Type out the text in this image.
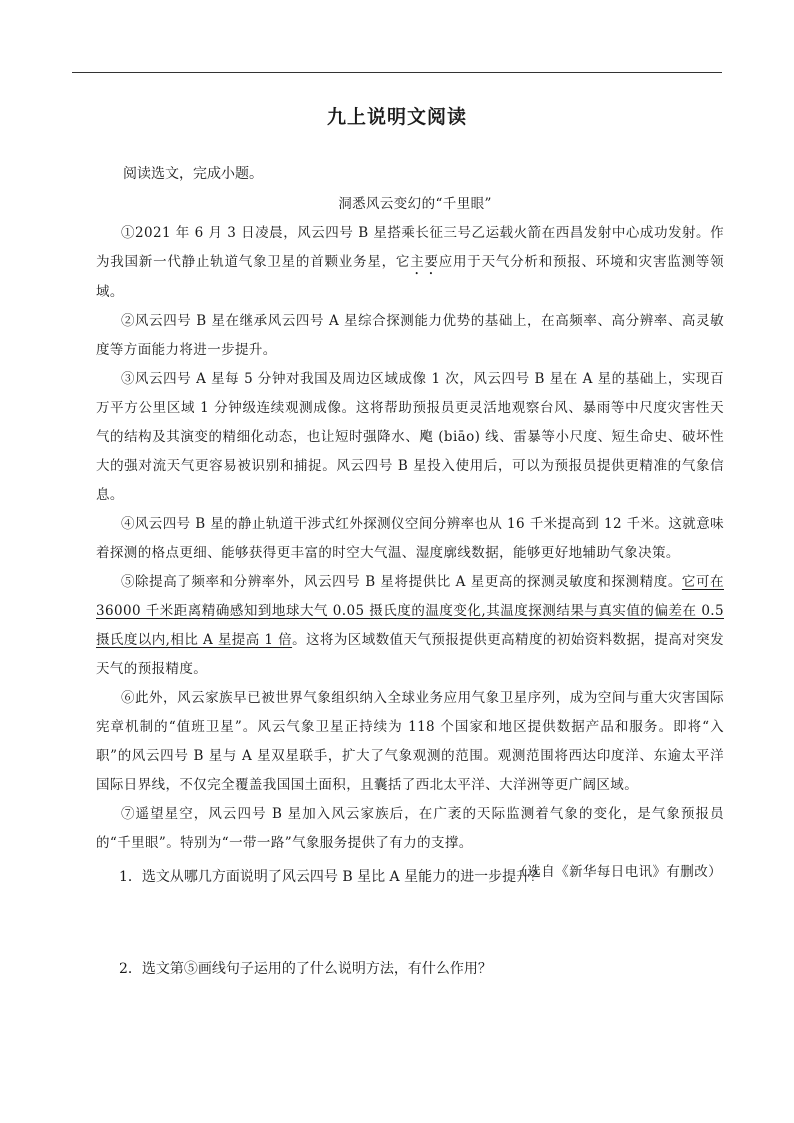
九上说明文阅读
阅读选文，完成小题。
洞悉风云变幻的“千里眼”

①2021 年 6 月 3 日凌晨，风云四号 B 星搭乘长征三号乙运载火箭在西昌发射中心成功发射。作为我国新一代静止轨道气象卫星的首颗业务星，它主要应用于天气分析和预报、环境和灾害监测等领域。

②风云四号 B 星在继承风云四号 A 星综合探测能力优势的基础上，在高频率、高分辨率、高灵敏度等方面能力将进一步提升。

③风云四号 A 星每 5 分钟对我国及周边区域成像 1 次，风云四号 B 星在 A 星的基础上，实现百万平方公里区域 1 分钟级连续观测成像。这将帮助预报员更灵活地观察台风、暴雨等中尺度灾害性天气的结构及其演变的精细化动态，也让短时强降水、飑 (biāo) 线、雷暴等小尺度、短生命史、破坏性大的强对流天气更容易被识别和捕捉。风云四号 B 星投入使用后，可以为预报员提供更精准的气象信息。

④风云四号 B 星的静止轨道干涉式红外探测仪空间分辨率也从 16 千米提高到 12 千米。这就意味着探测的格点更细、能够获得更丰富的时空大气温、湿度廓线数据，能够更好地辅助气象决策。

⑤除提高了频率和分辨率外，风云四号 B 星将提供比 A 星更高的探测灵敏度和探测精度。它可在 36000 千米距离精确感知到地球大气 0.05 摄氏度的温度变化,其温度探测结果与真实值的偏差在 0.5 摄氏度以内,相比 A 星提高 1 倍。这将为区域数值天气预报提供更高精度的初始资料数据，提高对突发天气的预报精度。

⑥此外，风云家族早已被世界气象组织纳入全球业务应用气象卫星序列，成为空间与重大灾害国际宪章机制的“值班卫星”。风云气象卫星正持续为 118 个国家和地区提供数据产品和服务。即将“入职”的风云四号 B 星与 A 星双星联手，扩大了气象观测的范围。观测范围将西达印度洋、东逾太平洋国际日界线，不仅完全覆盖我国国土面积，且囊括了西北太平洋、大洋洲等更广阔区域。

⑦遥望星空，风云四号 B 星加入风云家族后，在广袤的天际监测着气象的变化，是气象预报员的“千里眼”。特别为“一带一路”气象服务提供了有力的支撑。

（选自《新华每日电讯》有删改）
1．选文从哪几方面说明了风云四号 B 星比 A 星能力的进一步提升？
2．选文第⑤画线句子运用的了什么说明方法，有什么作用？
